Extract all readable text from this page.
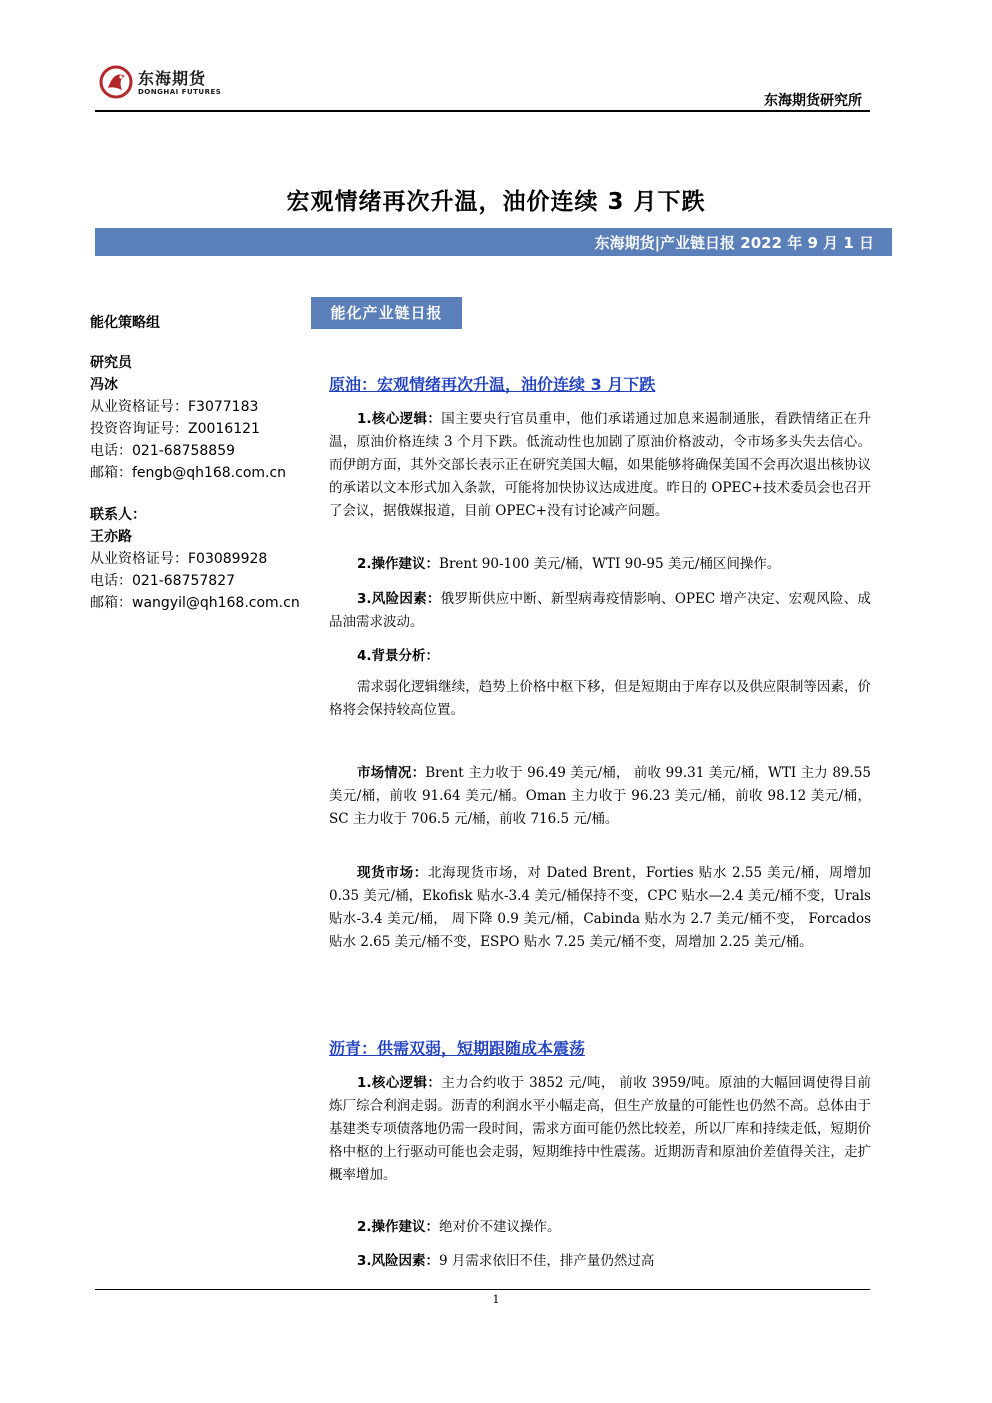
东海期货
DONGHAI FUTURES
东海期货研究所
宏观情绪再次升温，油价连续 3 月下跌
东海期货|产业链日报 2022 年 9 月 1 日
能化策略组
研究员
冯冰
从业资格证号：F3077183
投资咨询证号：Z0016121
电话：021-68758859
邮箱：fengb@qh168.com.cn
联系人：
王亦路
从业资格证号：F03089928
电话：021-68757827
邮箱：wangyil@qh168.com.cn
能化产业链日报
原油：宏观情绪再次升温，油价连续 3 月下跌
1.核心逻辑：国主要央行官员重申，他们承诺通过加息来遏制通胀，看跌情绪正在升温，原油价格连续 3 个月下跌。低流动性也加剧了原油价格波动，令市场多头失去信心。而伊朗方面，其外交部长表示正在研究美国大幅，如果能够将确保美国不会再次退出核协议的承诺以文本形式加入条款，可能将加快协议达成进度。昨日的 OPEC+技术委员会也召开了会议，据俄媒报道，目前 OPEC+没有讨论减产问题。
2.操作建议：Brent 90-100 美元/桶，WTI 90-95 美元/桶区间操作。
3.风险因素：俄罗斯供应中断、新型病毒疫情影响、OPEC 增产决定、宏观风险、成品油需求波动。
4.背景分析：
需求弱化逻辑继续，趋势上价格中枢下移，但是短期由于库存以及供应限制等因素，价格将会保持较高位置。
市场情况：Brent 主力收于 96.49 美元/桶， 前收 99.31 美元/桶，WTI 主力 89.55 美元/桶，前收 91.64 美元/桶。Oman 主力收于 96.23 美元/桶，前收 98.12 美元/桶，SC 主力收于 706.5 元/桶，前收 716.5 元/桶。
现货市场：北海现货市场，对 Dated Brent，Forties 贴水 2.55 美元/桶，周增加 0.35 美元/桶，Ekofisk 贴水-3.4 美元/桶保持不变，CPC 贴水—2.4 美元/桶不变，Urals 贴水-3.4 美元/桶， 周下降 0.9 美元/桶，Cabinda 贴水为 2.7 美元/桶不变， Forcados 贴水 2.65 美元/桶不变，ESPO 贴水 7.25 美元/桶不变，周增加 2.25 美元/桶。
沥青：供需双弱，短期跟随成本震荡
1.核心逻辑：主力合约收于 3852 元/吨， 前收 3959/吨。原油的大幅回调使得目前炼厂综合利润走弱。沥青的利润水平小幅走高，但生产放量的可能性也仍然不高。总体由于基建类专项债落地仍需一段时间，需求方面可能仍然比较差，所以厂库和持续走低，短期价格中枢的上行驱动可能也会走弱，短期维持中性震荡。近期沥青和原油价差值得关注，走扩概率增加。
2.操作建议：绝对价不建议操作。
3.风险因素：9 月需求依旧不佳，排产量仍然过高
1
